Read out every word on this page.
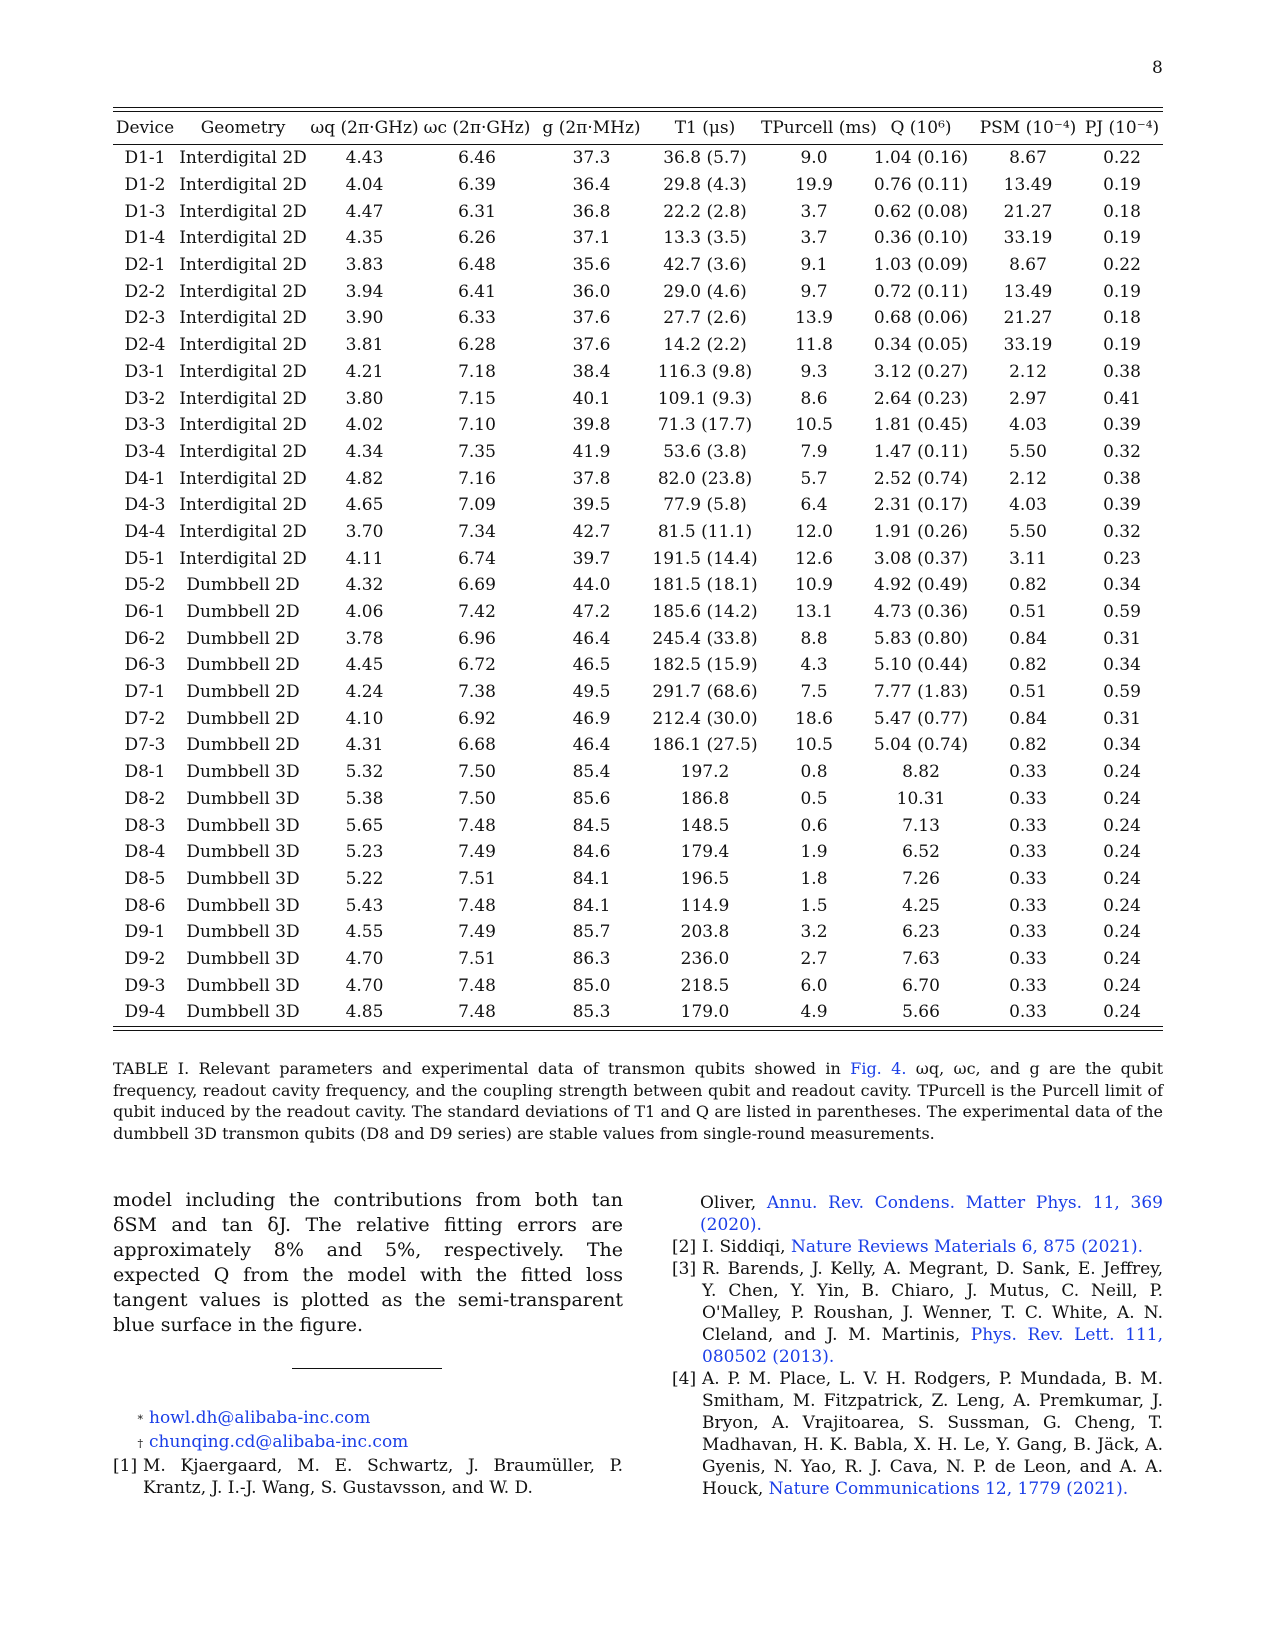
8
Device	Geometry	ωq (2π·GHz)	ωc (2π·GHz)	g (2π·MHz)	T1 (μs)	TPurcell (ms)	Q (10⁶)	PSM (10⁻⁴)	PJ (10⁻⁴)
D1-1	Interdigital 2D	4.43	6.46	37.3	36.8 (5.7)	9.0	1.04 (0.16)	8.67	0.22
D1-2	Interdigital 2D	4.04	6.39	36.4	29.8 (4.3)	19.9	0.76 (0.11)	13.49	0.19
D1-3	Interdigital 2D	4.47	6.31	36.8	22.2 (2.8)	3.7	0.62 (0.08)	21.27	0.18
D1-4	Interdigital 2D	4.35	6.26	37.1	13.3 (3.5)	3.7	0.36 (0.10)	33.19	0.19
D2-1	Interdigital 2D	3.83	6.48	35.6	42.7 (3.6)	9.1	1.03 (0.09)	8.67	0.22
D2-2	Interdigital 2D	3.94	6.41	36.0	29.0 (4.6)	9.7	0.72 (0.11)	13.49	0.19
D2-3	Interdigital 2D	3.90	6.33	37.6	27.7 (2.6)	13.9	0.68 (0.06)	21.27	0.18
D2-4	Interdigital 2D	3.81	6.28	37.6	14.2 (2.2)	11.8	0.34 (0.05)	33.19	0.19
D3-1	Interdigital 2D	4.21	7.18	38.4	116.3 (9.8)	9.3	3.12 (0.27)	2.12	0.38
D3-2	Interdigital 2D	3.80	7.15	40.1	109.1 (9.3)	8.6	2.64 (0.23)	2.97	0.41
D3-3	Interdigital 2D	4.02	7.10	39.8	71.3 (17.7)	10.5	1.81 (0.45)	4.03	0.39
D3-4	Interdigital 2D	4.34	7.35	41.9	53.6 (3.8)	7.9	1.47 (0.11)	5.50	0.32
D4-1	Interdigital 2D	4.82	7.16	37.8	82.0 (23.8)	5.7	2.52 (0.74)	2.12	0.38
D4-3	Interdigital 2D	4.65	7.09	39.5	77.9 (5.8)	6.4	2.31 (0.17)	4.03	0.39
D4-4	Interdigital 2D	3.70	7.34	42.7	81.5 (11.1)	12.0	1.91 (0.26)	5.50	0.32
D5-1	Interdigital 2D	4.11	6.74	39.7	191.5 (14.4)	12.6	3.08 (0.37)	3.11	0.23
D5-2	Dumbbell 2D	4.32	6.69	44.0	181.5 (18.1)	10.9	4.92 (0.49)	0.82	0.34
D6-1	Dumbbell 2D	4.06	7.42	47.2	185.6 (14.2)	13.1	4.73 (0.36)	0.51	0.59
D6-2	Dumbbell 2D	3.78	6.96	46.4	245.4 (33.8)	8.8	5.83 (0.80)	0.84	0.31
D6-3	Dumbbell 2D	4.45	6.72	46.5	182.5 (15.9)	4.3	5.10 (0.44)	0.82	0.34
D7-1	Dumbbell 2D	4.24	7.38	49.5	291.7 (68.6)	7.5	7.77 (1.83)	0.51	0.59
D7-2	Dumbbell 2D	4.10	6.92	46.9	212.4 (30.0)	18.6	5.47 (0.77)	0.84	0.31
D7-3	Dumbbell 2D	4.31	6.68	46.4	186.1 (27.5)	10.5	5.04 (0.74)	0.82	0.34
D8-1	Dumbbell 3D	5.32	7.50	85.4	197.2	0.8	8.82	0.33	0.24
D8-2	Dumbbell 3D	5.38	7.50	85.6	186.8	0.5	10.31	0.33	0.24
D8-3	Dumbbell 3D	5.65	7.48	84.5	148.5	0.6	7.13	0.33	0.24
D8-4	Dumbbell 3D	5.23	7.49	84.6	179.4	1.9	6.52	0.33	0.24
D8-5	Dumbbell 3D	5.22	7.51	84.1	196.5	1.8	7.26	0.33	0.24
D8-6	Dumbbell 3D	5.43	7.48	84.1	114.9	1.5	4.25	0.33	0.24
D9-1	Dumbbell 3D	4.55	7.49	85.7	203.8	3.2	6.23	0.33	0.24
D9-2	Dumbbell 3D	4.70	7.51	86.3	236.0	2.7	7.63	0.33	0.24
D9-3	Dumbbell 3D	4.70	7.48	85.0	218.5	6.0	6.70	0.33	0.24
D9-4	Dumbbell 3D	4.85	7.48	85.3	179.0	4.9	5.66	0.33	0.24
TABLE I. Relevant parameters and experimental data of transmon qubits showed in Fig. 4. ωq, ωc, and g are the qubit frequency, readout cavity frequency, and the coupling strength between qubit and readout cavity. TPurcell is the Purcell limit of qubit induced by the readout cavity. The standard deviations of T1 and Q are listed in parentheses. The experimental data of the dumbbell 3D transmon qubits (D8 and D9 series) are stable values from single-round measurements.
model including the contributions from both tan δSM and tan δJ. The relative fitting errors are approximately 8% and 5%, respectively. The expected Q from the model with the fitted loss tangent values is plotted as the semi-transparent blue surface in the figure.
* howl.dh@alibaba-inc.com
† chunqing.cd@alibaba-inc.com
[1] M. Kjaergaard, M. E. Schwartz, J. Braumüller, P. Krantz, J. I.-J. Wang, S. Gustavsson, and W. D.
Oliver, Annu. Rev. Condens. Matter Phys. 11, 369 (2020).
[2] I. Siddiqi, Nature Reviews Materials 6, 875 (2021).
[3] R. Barends, J. Kelly, A. Megrant, D. Sank, E. Jeffrey, Y. Chen, Y. Yin, B. Chiaro, J. Mutus, C. Neill, P. O'Malley, P. Roushan, J. Wenner, T. C. White, A. N. Cleland, and J. M. Martinis, Phys. Rev. Lett. 111, 080502 (2013).
[4] A. P. M. Place, L. V. H. Rodgers, P. Mundada, B. M. Smitham, M. Fitzpatrick, Z. Leng, A. Premkumar, J. Bryon, A. Vrajitoarea, S. Sussman, G. Cheng, T. Madhavan, H. K. Babla, X. H. Le, Y. Gang, B. Jäck, A. Gyenis, N. Yao, R. J. Cava, N. P. de Leon, and A. A. Houck, Nature Communications 12, 1779 (2021).
